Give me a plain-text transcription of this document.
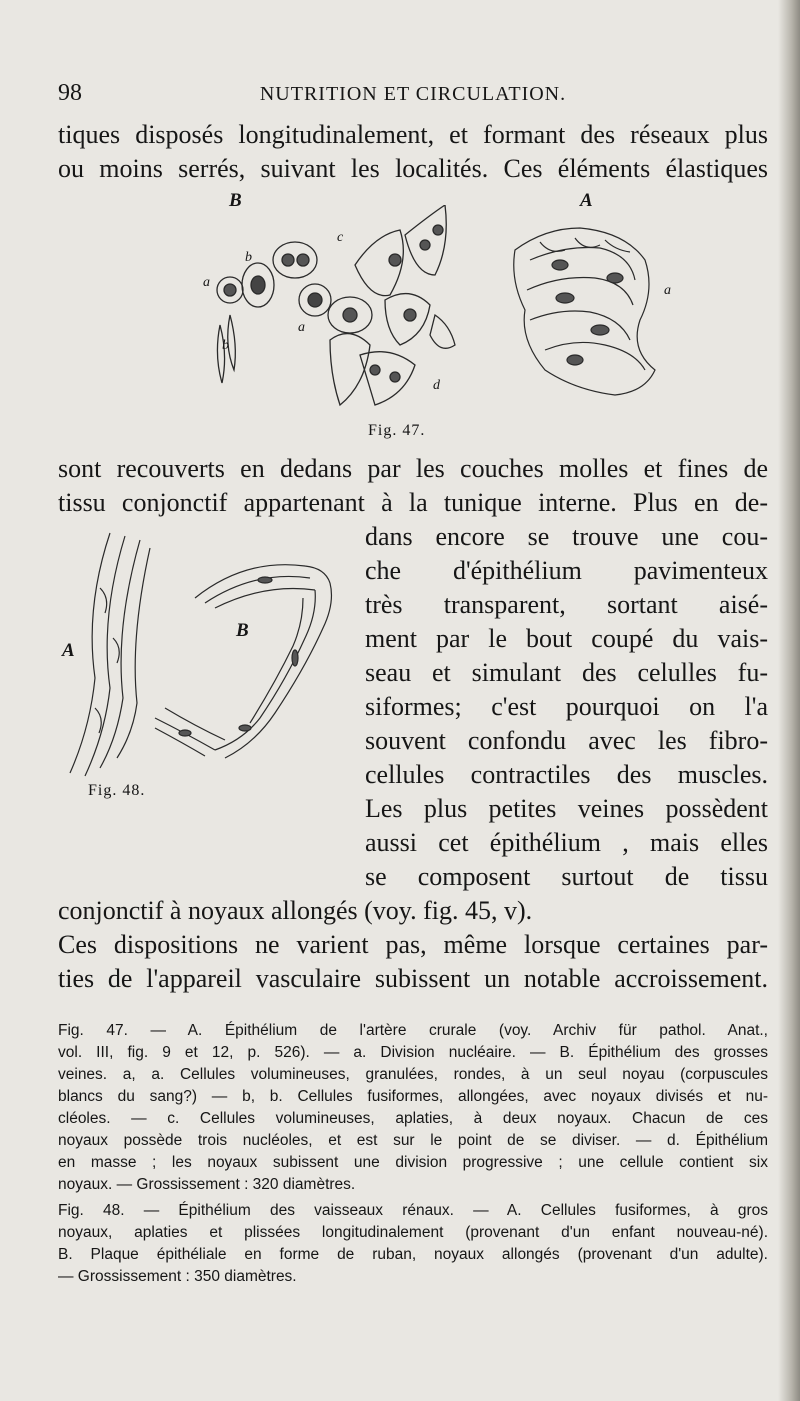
98	NUTRITION ET CIRCULATION.
tiques disposés longitudinalement, et formant des réseaux plus
ou moins serrés, suivant les localités. Ces éléments élastiques
B	A
a
b
c
a
b
d
a
Fig. 47.
sont recouverts en dedans par les couches molles et fines de
tissu conjonctif appartenant à la tunique interne. Plus en de-
A
B
Fig. 48.
dans encore se trouve une cou-
che d'épithélium pavimenteux
très transparent, sortant aisé-
ment par le bout coupé du vais-
seau et simulant des celulles fu-
siformes; c'est pourquoi on l'a
souvent confondu avec les fibro-
cellules contractiles des muscles.
Les plus petites veines possèdent
aussi cet épithélium , mais elles
se composent surtout de tissu
conjonctif à noyaux allongés (voy. fig. 45, v).
Ces dispositions ne varient pas, même lorsque certaines par-
ties de l'appareil vasculaire subissent un notable accroissement.
Fig. 47. — A. Épithélium de l'artère crurale (voy. Archiv für pathol. Anat.,
vol. III, fig. 9 et 12, p. 526). — a. Division nucléaire. — B. Épithélium des grosses
veines. a, a. Cellules volumineuses, granulées, rondes, à un seul noyau (corpuscules
blancs du sang?) — b, b. Cellules fusiformes, allongées, avec noyaux divisés et nu-
cléoles. — c. Cellules volumineuses, aplaties, à deux noyaux. Chacun de ces
noyaux possède trois nucléoles, et est sur le point de se diviser. — d. Épithélium
en masse ; les noyaux subissent une division progressive ; une cellule contient six
noyaux. — Grossissement : 320 diamètres.
Fig. 48. — Épithélium des vaisseaux rénaux. — A. Cellules fusiformes, à gros
noyaux, aplaties et plissées longitudinalement (provenant d'un enfant nouveau-né).
B. Plaque épithéliale en forme de ruban, noyaux allongés (provenant d'un adulte).
— Grossissement : 350 diamètres.
